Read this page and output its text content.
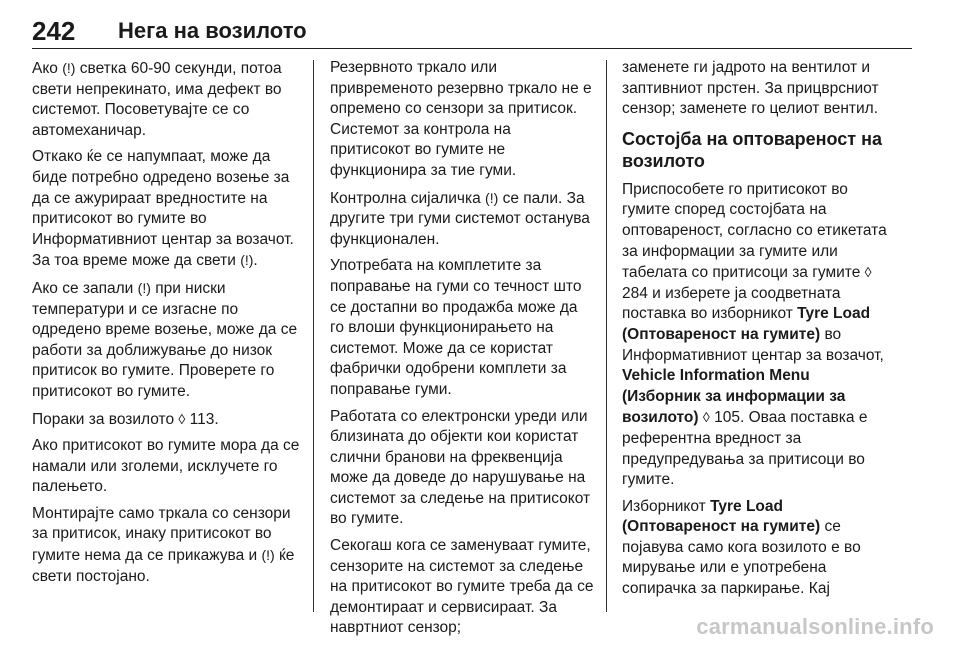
242 Нега на возилото

Ако (!) светка 60-90 секунди, потоа свети непрекинато, има дефект во системот. Посоветувајте се со автомеханичар.

Откако ќе се напумпаат, може да биде потребно одредено возење за да се ажурираат вредностите на притисокот во гумите во Информативниот центар за возачот. За тоа време може да свети (!).

Ако се запали (!) при ниски температури и се изгасне по одредено време возење, може да се работи за доближување до низок притисок во гумите. Проверете го притисокот во гумите.

Пораки за возилото ◊ 113.

Ако притисокот во гумите мора да се намали или зголеми, исклучете го палењето.

Монтирајте само тркала со сензори за притисок, инаку притисокот во гумите нема да се прикажува и (!) ќе свети постојано.

Резервното тркало или привременото резервно тркало не е опремено со сензори за притисок. Системот за контрола на притисокот во гумите не функционира за тие гуми.

Контролна сијаличка (!) се пали. За другите три гуми системот останува функционален.

Употребата на комплетите за поправање на гуми со течност што се достапни во продажба може да го влоши функционирањето на системот. Може да се користат фабрички одобрени комплети за поправање гуми.

Работата со електронски уреди или близината до објекти кои користат слични бранови на фреквенција може да доведе до нарушување на системот за следење на притисокот во гумите.

Секогаш кога се заменуваат гумите, сензорите на системот за следење на притисокот во гумите треба да се демонтираат и сервисираат. За навртниот сензор;

заменете ги јадрото на вентилот и заптивниот прстен. За прицврсниот сензор; заменете го целиот вентил.

Состојба на оптовареност на возилото

Приспособете го притисокот во гумите според состојбата на оптовареност, согласно со етикетата за информации за гумите или табелата со притисоци за гумите ◊ 284 и изберете ја соодветната поставка во изборникот Tyre Load (Оптовареност на гумите) во Информативниот центар за возачот, Vehicle Information Menu (Изборник за информации за возилото) ◊ 105. Оваа поставка е референтна вредност за предупредувања за притисоци во гумите.

Изборникот Tyre Load (Оптовареност на гумите) се појавува само кога возилото е во мирување или е употребена сопирачка за паркирање. Кај

carmanualsonline.info
